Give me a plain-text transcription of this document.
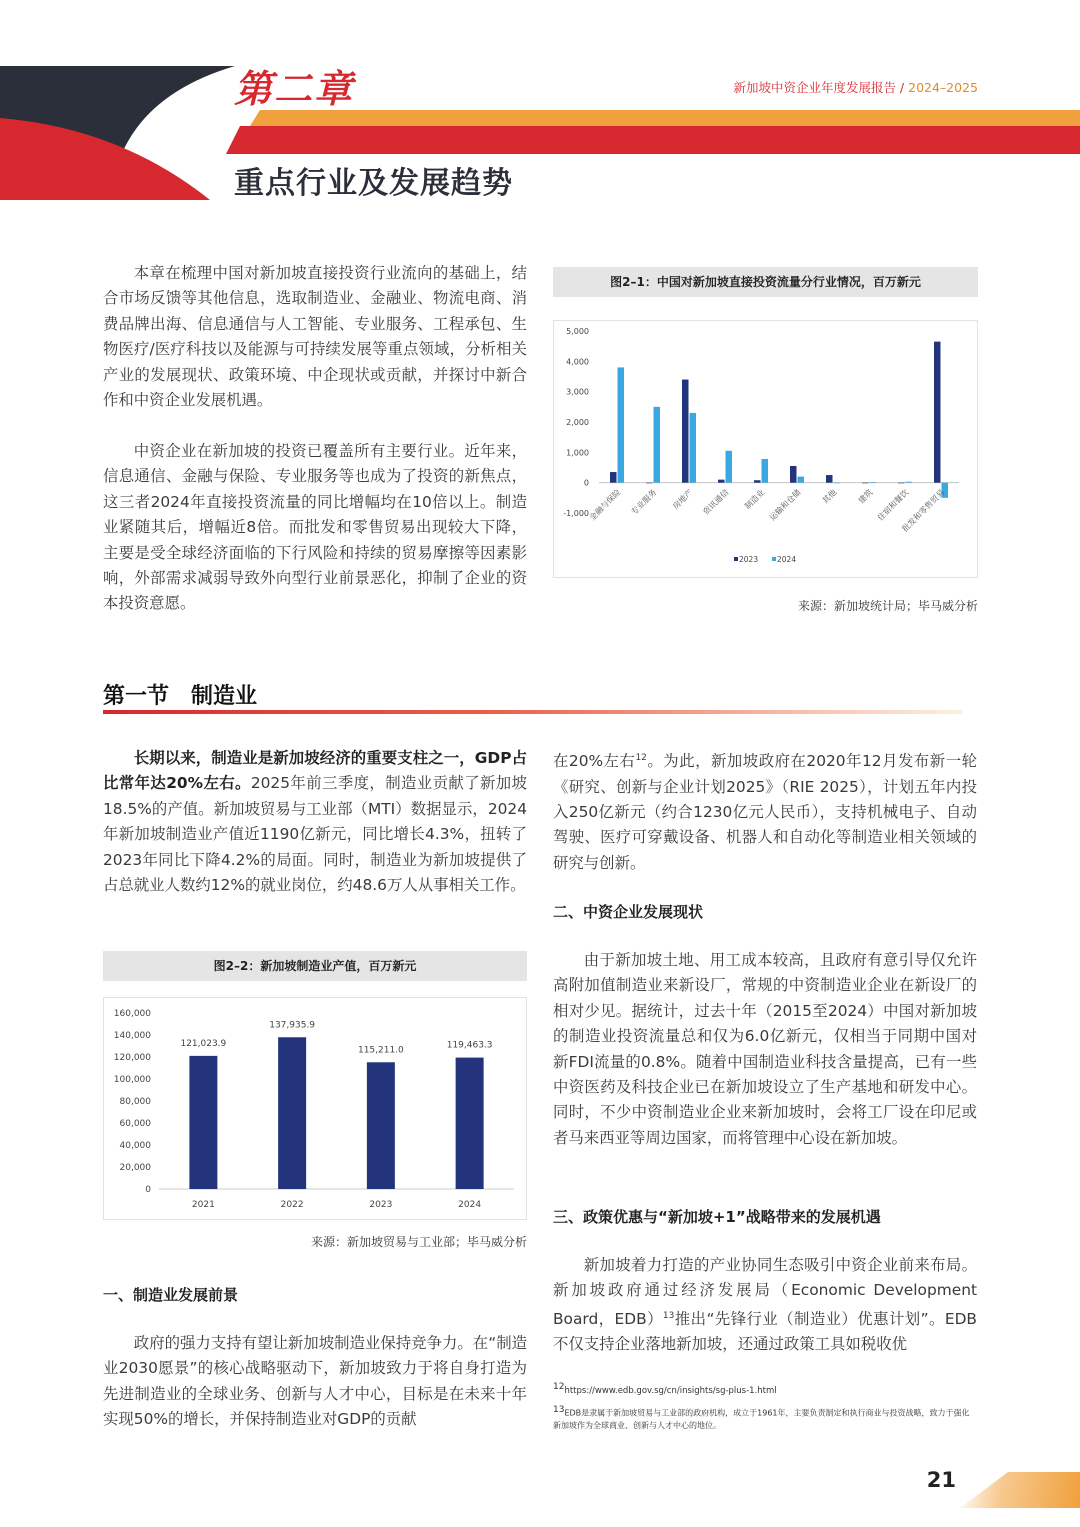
第二章	新加坡中资企业年度发展报告 / 2024–2025
重点行业及发展趋势

本章在梳理中国对新加坡直接投资行业流向的基础上，结合市场反馈等其他信息，选取制造业、金融业、物流电商、消费品牌出海、信息通信与人工智能、专业服务、工程承包、生物医疗/医疗科技以及能源与可持续发展等重点领域，分析相关产业的发展现状、政策环境、中企现状或贡献，并探讨中新合作和中资企业发展机遇。

中资企业在新加坡的投资已覆盖所有主要行业。近年来，信息通信、金融与保险、专业服务等也成为了投资的新焦点，这三者2024年直接投资流量的同比增幅均在10倍以上。制造业紧随其后，增幅近8倍。而批发和零售贸易出现较大下降，主要是受全球经济面临的下行风险和持续的贸易摩擦等因素影响，外部需求减弱导致外向型行业前景恶化，抑制了企业的资本投资意愿。

图2–1：中国对新加坡直接投资流量分行业情况，百万新元
-1,000
0
1,000
2,000
3,000
4,000
5,000
金融与保险 专业服务 房地产 资讯通信 制造业 运输和仓储 其他 建筑 住宿和餐饮
批发和零售贸易
2023	2024
来源：新加坡统计局；毕马威分析
第一节　制造业

长期以来，制造业是新加坡经济的重要支柱之一，GDP占比常年达20%左右。2025年前三季度，制造业贡献了新加坡18.5%的产值。新加坡贸易与工业部（MTI）数据显示，2024年新加坡制造业产值近1190亿新元，同比增长4.3%，扭转了2023年同比下降4.2%的局面。同时，制造业为新加坡提供了占总就业人数约12%的就业岗位，约48.6万人从事相关工作。

图2–2：新加坡制造业产值，百万新元
0
20,000
40,000
60,000
80,000
100,000
120,000
140,000
160,000
121,023.9
2021
137,935.9
2022
115,211.0
2023
119,463.3
2024
来源：新加坡贸易与工业部；毕马威分析
一、制造业发展前景

政府的强力支持有望让新加坡制造业保持竞争力。在“制造业2030愿景”的核心战略驱动下，新加坡致力于将自身打造为先进制造业的全球业务、创新与人才中心，目标是在未来十年实现50%的增长，并保持制造业对GDP的贡献

在20%左右$^{12}$。为此，新加坡政府在2020年12月发布新一轮《研究、创新与企业计划2025》（RIE 2025），计划五年内投入250亿新元（约合1230亿元人民币），支持机械电子、自动驾驶、医疗可穿戴设备、机器人和自动化等制造业相关领域的研究与创新。

二、中资企业发展现状

由于新加坡土地、用工成本较高，且政府有意引导仅允许高附加值制造业来新设厂，常规的中资制造业企业在新设厂的相对少见。据统计，过去十年（2015至2024）中国对新加坡的制造业投资流量总和仅为6.0亿新元，仅相当于同期中国对新FDI流量的0.8%。随着中国制造业科技含量提高，已有一些中资医药及科技企业已在新加坡设立了生产基地和研发中心。同时，不少中资制造业企业来新加坡时，会将工厂设在印尼或者马来西亚等周边国家，而将管理中心设在新加坡。

三、政策优惠与“新加坡+1”战略带来的发展机遇

新加坡着力打造的产业协同生态吸引中资企业前来布局。新加坡政府通过经济发展局（Economic Development Board，EDB）$^{13}$推出“先锋行业（制造业）优惠计划”。EDB不仅支持企业落地新加坡，还通过政策工具如税收优

12https://www.edb.gov.sg/cn/insights/sg-plus-1.html
13EDB是隶属于新加坡贸易与工业部的政府机构，成立于1961年，主要负责制定和执行商业与投资战略，致力于强化新加坡作为全球商业、创新与人才中心的地位。
21
